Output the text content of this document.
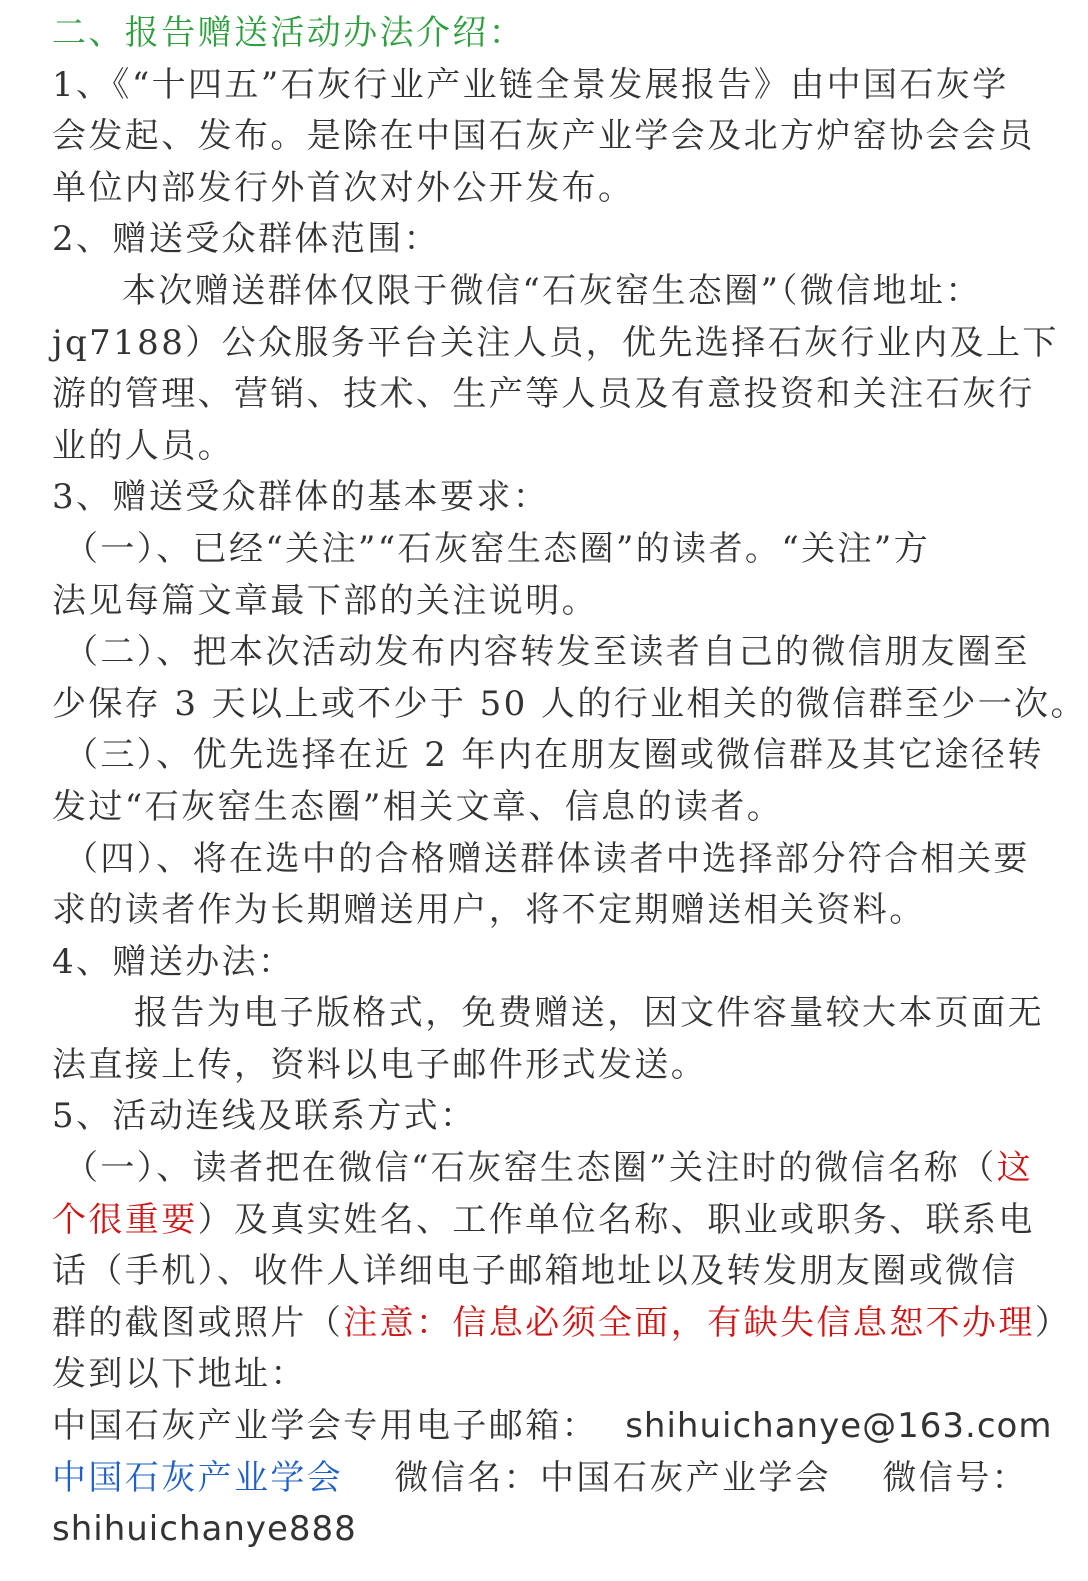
二、报告赠送活动办法介绍：
1、《“十四五”石灰行业产业链全景发展报告》由中国石灰学
会发起、发布。是除在中国石灰产业学会及北方炉窑协会会员
单位内部发行外首次对外公开发布。
2、赠送受众群体范围：
本次赠送群体仅限于微信“石灰窑生态圈”（微信地址：
jq7188）公众服务平台关注人员，优先选择石灰行业内及上下
游的管理、营销、技术、生产等人员及有意投资和关注石灰行
业的人员。
3、赠送受众群体的基本要求：
（一）、已经“关注”“石灰窑生态圈”的读者。“关注”方
法见每篇文章最下部的关注说明。
（二）、把本次活动发布内容转发至读者自己的微信朋友圈至
少保存 3 天以上或不少于 50 人的行业相关的微信群至少一次。
（三）、优先选择在近 2 年内在朋友圈或微信群及其它途径转
发过“石灰窑生态圈”相关文章、信息的读者。
（四）、将在选中的合格赠送群体读者中选择部分符合相关要
求的读者作为长期赠送用户，将不定期赠送相关资料。
4、赠送办法：
报告为电子版格式，免费赠送，因文件容量较大本页面无
法直接上传，资料以电子邮件形式发送。
5、活动连线及联系方式：
（一）、读者把在微信“石灰窑生态圈”关注时的微信名称（这
个很重要）及真实姓名、工作单位名称、职业或职务、联系电
话（手机）、收件人详细电子邮箱地址以及转发朋友圈或微信
群的截图或照片（注意：信息必须全面，有缺失信息恕不办理）
发到以下地址：
中国石灰产业学会专用电子邮箱： shihuichanye@163.com
中国石灰产业学会 微信名：中国石灰产业学会 微信号：
shihuichanye888
